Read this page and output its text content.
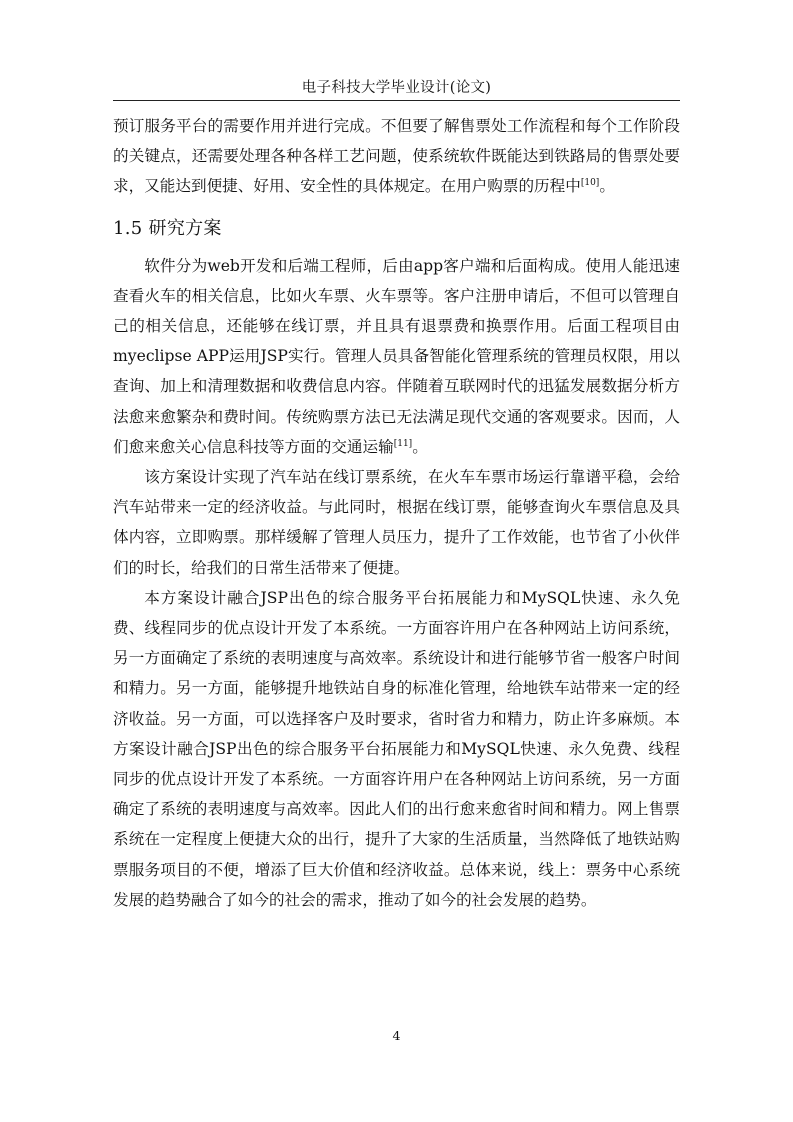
电子科技大学毕业设计(论文)

预订服务平台的需要作用并进行完成。不但要了解售票处工作流程和每个工作阶段的关键点，还需要处理各种各样工艺问题，使系统软件既能达到铁路局的售票处要求，又能达到便捷、好用、安全性的具体规定。在用户购票的历程中[10]。

1.5 研究方案

软件分为web开发和后端工程师，后由app客户端和后面构成。使用人能迅速查看火车的相关信息，比如火车票、火车票等。客户注册申请后，不但可以管理自己的相关信息，还能够在线订票，并且具有退票费和换票作用。后面工程项目由myeclipse APP运用JSP实行。管理人员具备智能化管理系统的管理员权限，用以查询、加上和清理数据和收费信息内容。伴随着互联网时代的迅猛发展数据分析方法愈来愈繁杂和费时间。传统购票方法已无法满足现代交通的客观要求。因而，人们愈来愈关心信息科技等方面的交通运输[11]。

该方案设计实现了汽车站在线订票系统，在火车车票市场运行靠谱平稳，会给汽车站带来一定的经济收益。与此同时，根据在线订票，能够查询火车票信息及具体内容，立即购票。那样缓解了管理人员压力，提升了工作效能，也节省了小伙伴们的时长，给我们的日常生活带来了便捷。

本方案设计融合JSP出色的综合服务平台拓展能力和MySQL快速、永久免费、线程同步的优点设计开发了本系统。一方面容许用户在各种网站上访问系统，另一方面确定了系统的表明速度与高效率。系统设计和进行能够节省一般客户时间和精力。另一方面，能够提升地铁站自身的标准化管理，给地铁车站带来一定的经济收益。另一方面，可以选择客户及时要求，省时省力和精力，防止许多麻烦。本方案设计融合JSP出色的综合服务平台拓展能力和MySQL快速、永久免费、线程同步的优点设计开发了本系统。一方面容许用户在各种网站上访问系统，另一方面确定了系统的表明速度与高效率。因此人们的出行愈来愈省时间和精力。网上售票系统在一定程度上便捷大众的出行，提升了大家的生活质量，当然降低了地铁站购票服务项目的不便，增添了巨大价值和经济收益。总体来说，线上：票务中心系统发展的趋势融合了如今的社会的需求，推动了如今的社会发展的趋势。

4
